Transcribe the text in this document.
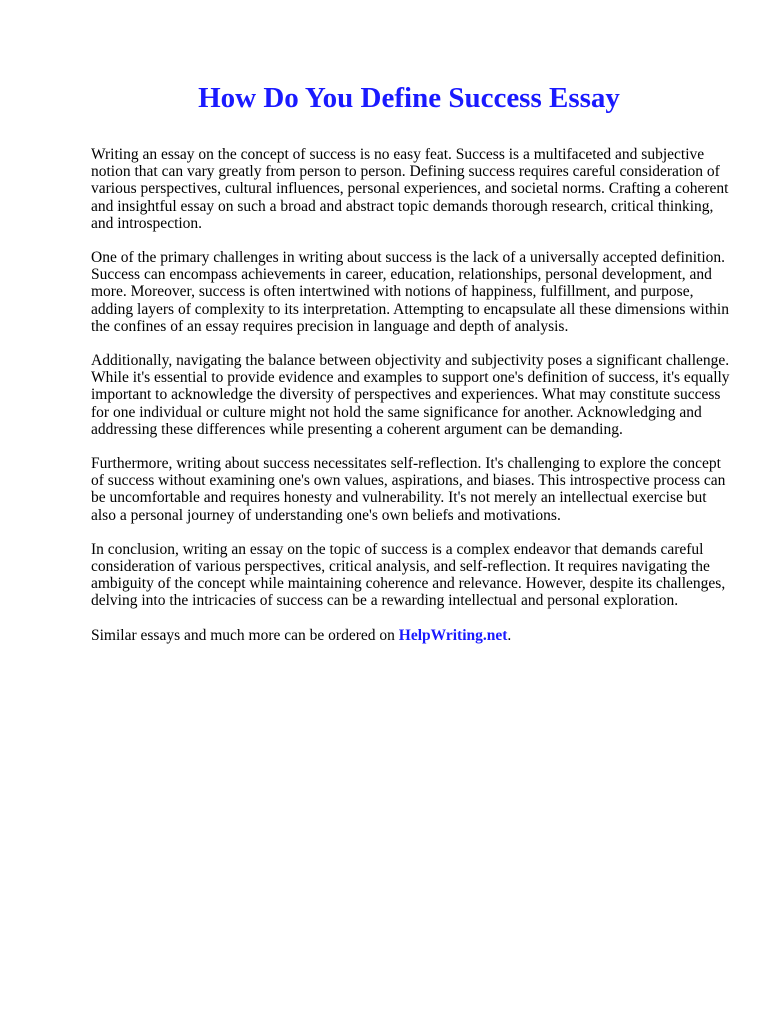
How Do You Define Success Essay

Writing an essay on the concept of success is no easy feat. Success is a multifaceted and subjective notion that can vary greatly from person to person. Defining success requires careful consideration of various perspectives, cultural influences, personal experiences, and societal norms. Crafting a coherent and insightful essay on such a broad and abstract topic demands thorough research, critical thinking, and introspection.

One of the primary challenges in writing about success is the lack of a universally accepted definition. Success can encompass achievements in career, education, relationships, personal development, and more. Moreover, success is often intertwined with notions of happiness, fulfillment, and purpose, adding layers of complexity to its interpretation. Attempting to encapsulate all these dimensions within the confines of an essay requires precision in language and depth of analysis.

Additionally, navigating the balance between objectivity and subjectivity poses a significant challenge. While it's essential to provide evidence and examples to support one's definition of success, it's equally important to acknowledge the diversity of perspectives and experiences. What may constitute success for one individual or culture might not hold the same significance for another. Acknowledging and addressing these differences while presenting a coherent argument can be demanding.

Furthermore, writing about success necessitates self-reflection. It's challenging to explore the concept of success without examining one's own values, aspirations, and biases. This introspective process can be uncomfortable and requires honesty and vulnerability. It's not merely an intellectual exercise but also a personal journey of understanding one's own beliefs and motivations.

In conclusion, writing an essay on the topic of success is a complex endeavor that demands careful consideration of various perspectives, critical analysis, and self-reflection. It requires navigating the ambiguity of the concept while maintaining coherence and relevance. However, despite its challenges, delving into the intricacies of success can be a rewarding intellectual and personal exploration.

Similar essays and much more can be ordered on HelpWriting.net.
